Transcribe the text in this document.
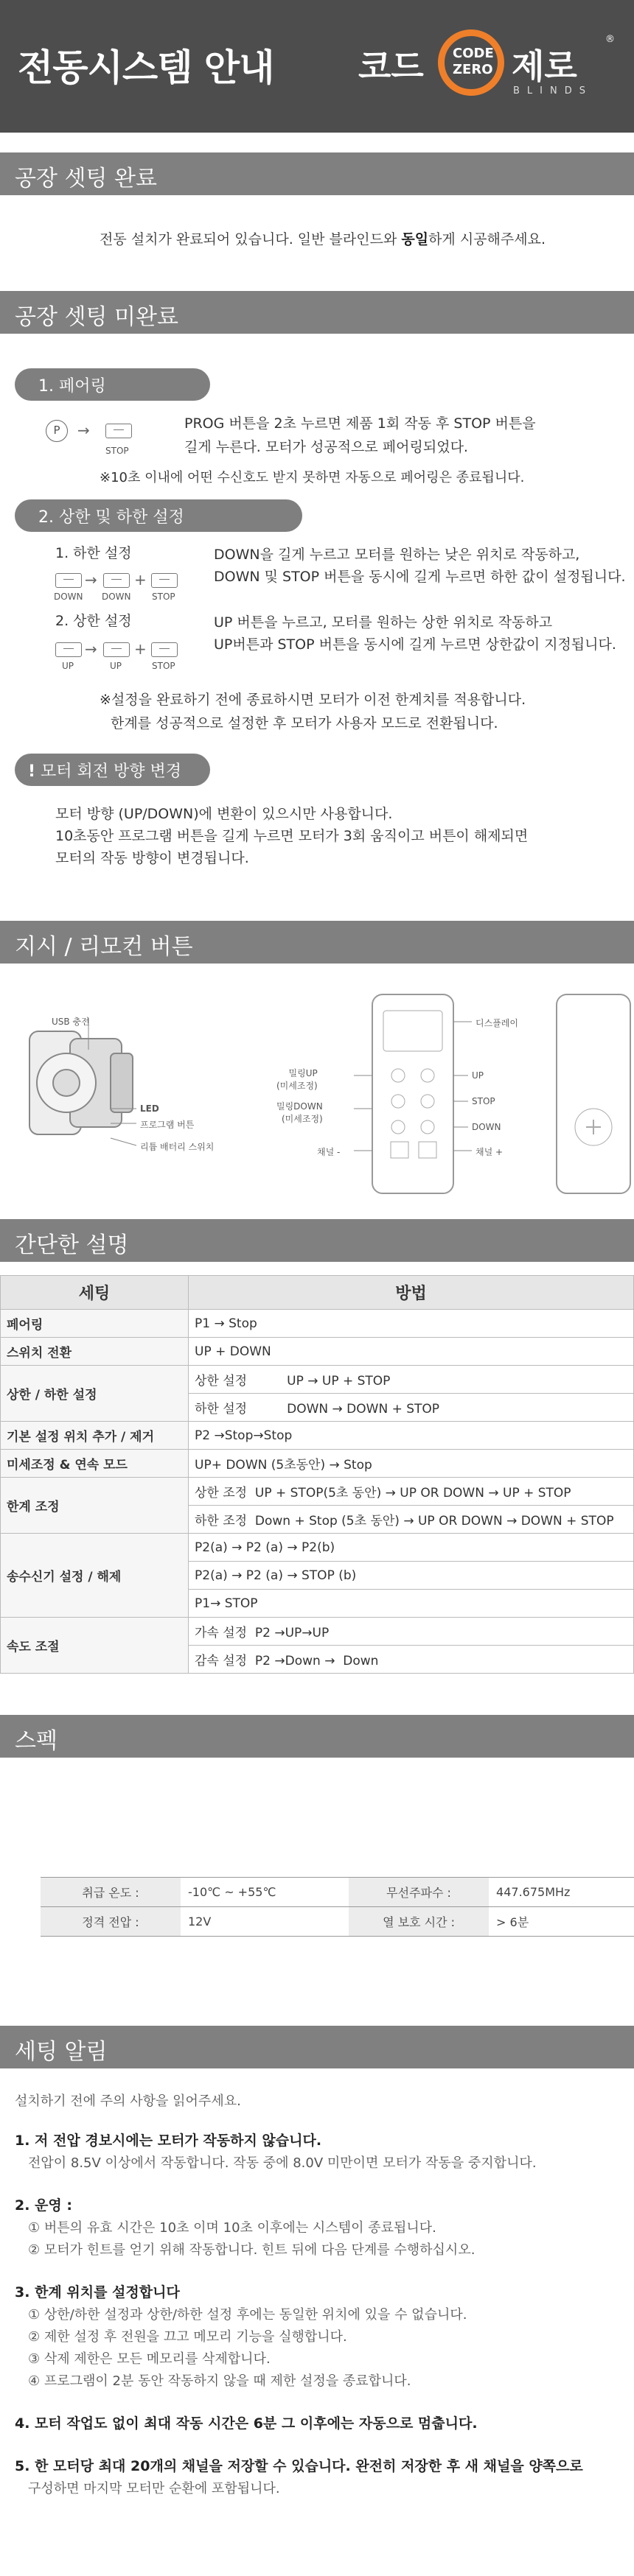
전동시스템 안내 코드 CODE
ZERO 제로
BLINDS
®
공장 셋팅 완료
전동 설치가 완료되어 있습니다. 일반 블라인드와 동일하게 시공해주세요.
공장 셋팅 미완료
1. 페어링
P	→
STOP
PROG 버튼을 2초 누르면 제품 1회 작동 후 STOP 버튼을
길게 누른다. 모터가 성공적으로 페어링되었다.
※10초 이내에 어떤 수신호도 받지 못하면 자동으로 페어링은 종료됩니다.
2. 상한 및 하한 설정
1. 하한 설정
→	+
DOWN DOWN STOP
DOWN을 길게 누르고 모터를 원하는 낮은 위치로 작동하고,
DOWN 및 STOP 버튼을 동시에 길게 누르면 하한 값이 설정됩니다.
2. 상한 설정
→	+
UP	UP	STOP
UP 버튼을 누르고, 모터를 원하는 상한 위치로 작동하고
UP버튼과 STOP 버튼을 동시에 길게 누르면 상한값이 지정됩니다.
※설정을 완료하기 전에 종료하시면 모터가 이전 한계치를 적용합니다.
한계를 성공적으로 설정한 후 모터가 사용자 모드로 전환됩니다.
! 모터 회전 방향 변경
모터 방향 (UP/DOWN)에 변환이 있으시만 사용합니다.
10초동안 프로그램 버튼을 길게 누르면 모터가 3회 움직이고 버튼이 해제되면
모터의 작동 방향이 변경됩니다.
지시 / 리모컨 버튼
USB 충전
LED
프로그램 버튼
리튬 배터리 스위치
디스플레이
밀링UP
(미세조정)
밀링DOWN
(미세조정)
UP
STOP
DOWN
채널 -	채널 +
간단한 설명
세팅	방법
페어링	P1 → Stop
스위치 전환	UP + DOWN
상한 / 하한 설정	상한 설정          UP → UP + STOP
	하한 설정          DOWN → DOWN + STOP
기본 설정 위치 추가 / 제거	P2 →Stop→Stop
미세조정 & 연속 모드	UP+ DOWN (5초동안) → Stop
한계 조정	상한 조정  UP + STOP(5초 동안) → UP OR DOWN → UP + STOP
	하한 조정  Down + Stop (5초 동안) → UP OR DOWN → DOWN + STOP
송수신기 설정 / 해제	P2(a) → P2 (a) → P2(b)
	P2(a) → P2 (a) → STOP (b)
	P1→ STOP
속도 조절	가속 설정  P2 →UP→UP
	감속 설정  P2 →Down →  Down
스펙
취급 온도 :	-10℃ ~ +55℃	무선주파수 :	447.675MHz
정격 전압 :	12V	열 보호 시간 :	> 6분
세팅 알림
설치하기 전에 주의 사항을 읽어주세요.
1. 저 전압 경보시에는 모터가 작동하지 않습니다.
전압이 8.5V 이상에서 작동합니다. 작동 중에 8.0V 미만이면 모터가 작동을 중지합니다.
2. 운영 :
① 버튼의 유효 시간은 10초 이며 10초 이후에는 시스템이 종료됩니다.
② 모터가 힌트를 얻기 위해 작동합니다. 힌트 뒤에 다음 단계를 수행하십시오.
3. 한계 위치를 설정합니다
① 상한/하한 설정과 상한/하한 설정 후에는 동일한 위치에 있을 수 없습니다.
② 제한 설정 후 전원을 끄고 메모리 기능을 실행합니다.
③ 삭제 제한은 모든 메모리를 삭제합니다.
④ 프로그램이 2분 동안 작동하지 않을 때 제한 설정을 종료합니다.
4. 모터 작업도 없이 최대 작동 시간은 6분 그 이후에는 자동으로 멈춥니다.
5. 한 모터당 최대 20개의 채널을 저장할 수 있습니다. 완전히 저장한 후 새 채널을 양쪽으로
구성하면 마지막 모터만 순환에 포함됩니다.
